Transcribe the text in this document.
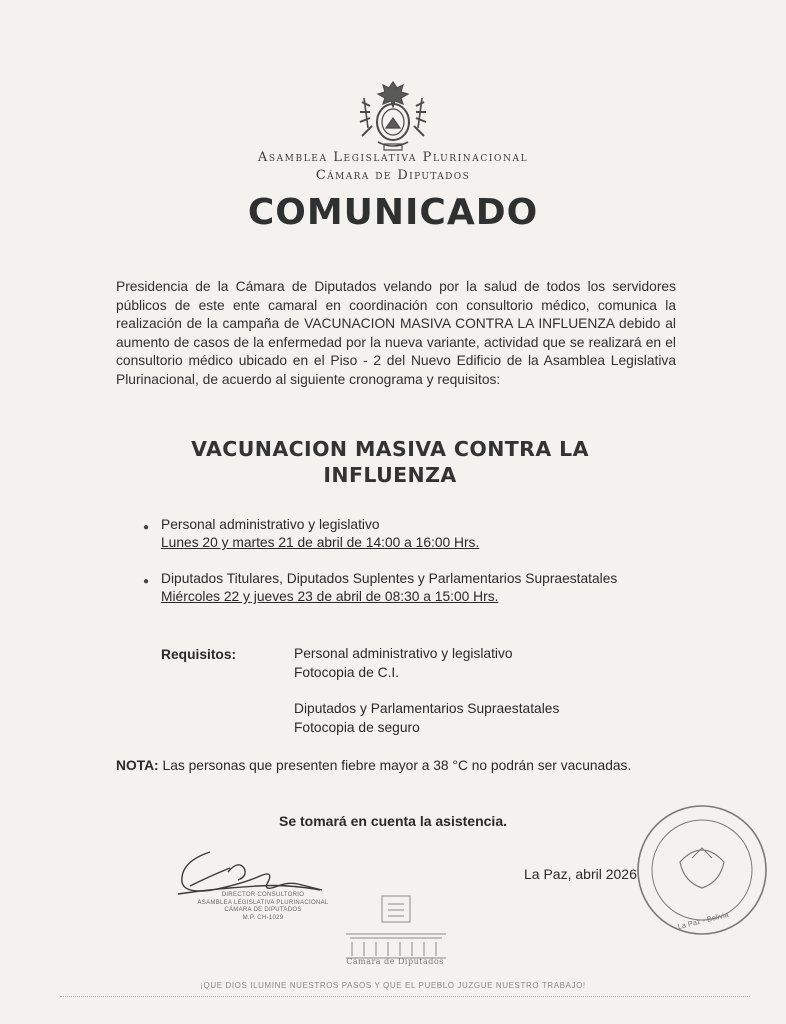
Asamblea Legislativa Plurinacional
Cámara de Diputados
COMUNICADO
Presidencia de la Cámara de Diputados velando por la salud de todos los servidores públicos de este ente camaral en coordinación con consultorio médico, comunica la realización de la campaña de VACUNACION MASIVA CONTRA LA INFLUENZA debido al aumento de casos de la enfermedad por la nueva variante, actividad que se realizará en el consultorio médico ubicado en el Piso - 2 del Nuevo Edificio de la Asamblea Legislativa Plurinacional, de acuerdo al siguiente cronograma y requisitos:
VACUNACION MASIVA CONTRA LA
INFLUENZA
● Personal administrativo y legislativo
Lunes 20 y martes 21 de abril de 14:00 a 16:00 Hrs.
● Diputados Titulares, Diputados Suplentes y Parlamentarios Supraestatales
Miércoles 22 y jueves 23 de abril de 08:30 a 15:00 Hrs.
Requisitos:	Personal administrativo y legislativo
Fotocopia de C.I.
Diputados y Parlamentarios Supraestatales
Fotocopia de seguro
NOTA: Las personas que presenten fiebre mayor a 38 °C no podrán ser vacunadas.
Se tomará en cuenta la asistencia.
La Paz, abril 2026
DIRECTOR CONSULTORIO
ASAMBLEA LEGISLATIVA PLURINACIONAL
CÁMARA DE DIPUTADOS
M.P. CH-1029	La Paz - Bolivia
Cámara de Diputados
¡QUE DIOS ILUMINE NUESTROS PASOS Y QUE EL PUEBLO JUZGUE NUESTRO TRABAJO!
